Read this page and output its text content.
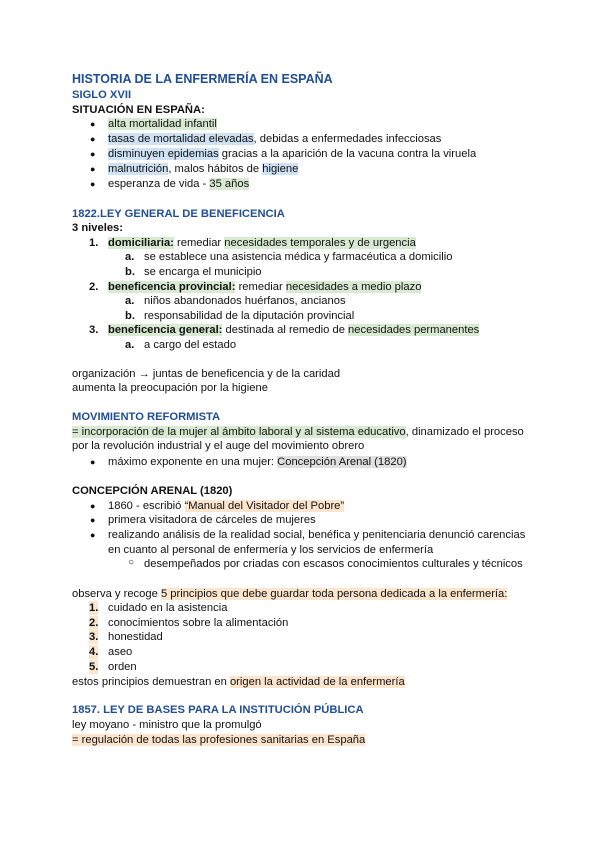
HISTORIA DE LA ENFERMERÍA EN ESPAÑA
SIGLO XVII
SITUACIÓN EN ESPAÑA:
● alta mortalidad infantil
● tasas de mortalidad elevadas, debidas a enfermedades infecciosas
● disminuyen epidemias gracias a la aparición de la vacuna contra la viruela
● malnutrición, malos hábitos de higiene
● esperanza de vida - 35 años
1822.LEY GENERAL DE BENEFICENCIA
3 niveles:
1. domiciliaria: remediar necesidades temporales y de urgencia
a. se establece una asistencia médica y farmacéutica a domicilio
b. se encarga el municipio
2. beneficencia provincial: remediar necesidades a medio plazo
a. niños abandonados huérfanos, ancianos
b. responsabilidad de la diputación provincial
3. beneficencia general: destinada al remedio de necesidades permanentes
a. a cargo del estado
organización → juntas de beneficencia y de la caridad
aumenta la preocupación por la higiene
MOVIMIENTO REFORMISTA
= incorporación de la mujer al ámbito laboral y al sistema educativo, dinamizado el proceso
por la revolución industrial y el auge del movimiento obrero
● máximo exponente en una mujer: Concepción Arenal (1820)
CONCEPCIÓN ARENAL (1820)
● 1860 - escribió “Manual del Visitador del Pobre”
● primera visitadora de cárceles de mujeres
● realizando análisis de la realidad social, benéfica y penitenciaria denunció carencias
en cuanto al personal de enfermería y los servicios de enfermería
○ desempeñados por criadas con escasos conocimientos culturales y técnicos
observa y recoge 5 principios que debe guardar toda persona dedicada a la enfermería:
1. cuidado en la asistencia
2. conocimientos sobre la alimentación
3. honestidad
4. aseo
5. orden
estos principios demuestran en origen la actividad de la enfermería
1857. LEY DE BASES PARA LA INSTITUCIÓN PÚBLICA
ley moyano - ministro que la promulgó
= regulación de todas las profesiones sanitarias en España
